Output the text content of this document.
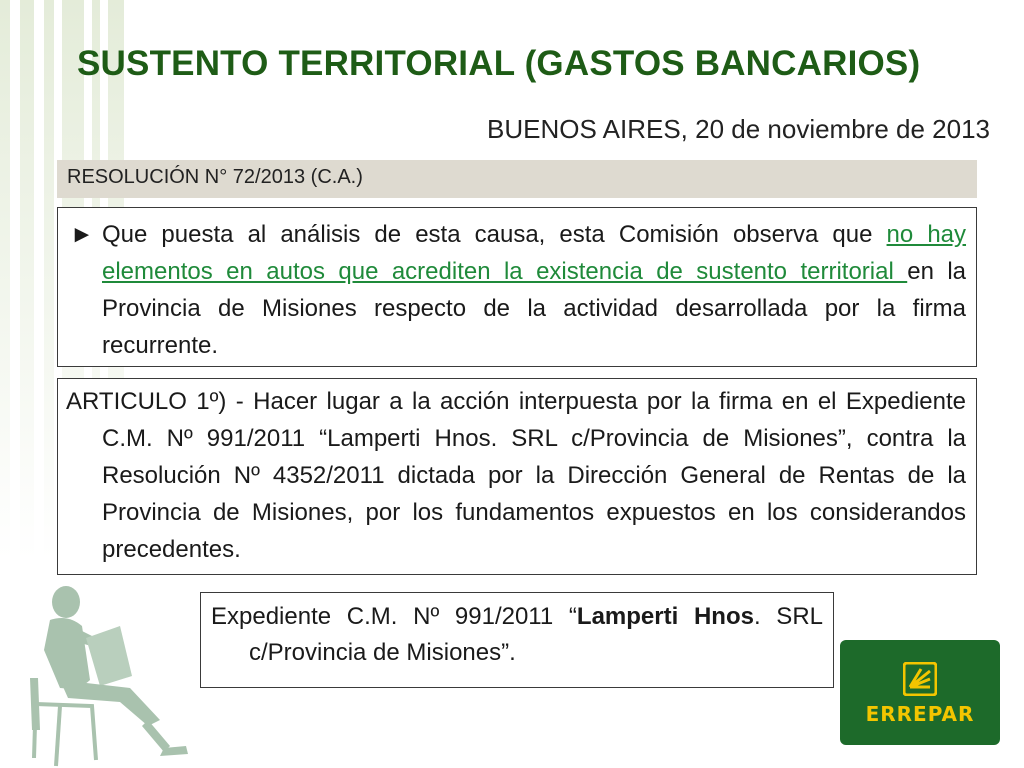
SUSTENTO TERRITORIAL (GASTOS BANCARIOS)
BUENOS AIRES, 20 de noviembre de 2013
RESOLUCIÓN N° 72/2013 (C.A.)
► Que puesta al análisis de esta causa, esta Comisión observa que no hay elementos en autos que acrediten la existencia de sustento territorial en la Provincia de Misiones respecto de la actividad desarrollada por la firma recurrente.
ARTICULO 1º) - Hacer lugar a la acción interpuesta por la firma en el Expediente C.M. Nº 991/2011 “Lamperti Hnos. SRL c/Provincia de Misiones”, contra la Resolución Nº 4352/2011 dictada por la Dirección General de Rentas de la Provincia de Misiones, por los fundamentos expuestos en los considerandos precedentes.
Expediente C.M. Nº 991/2011 “Lamperti Hnos. SRL c/Provincia de Misiones”.
ERREPAR
